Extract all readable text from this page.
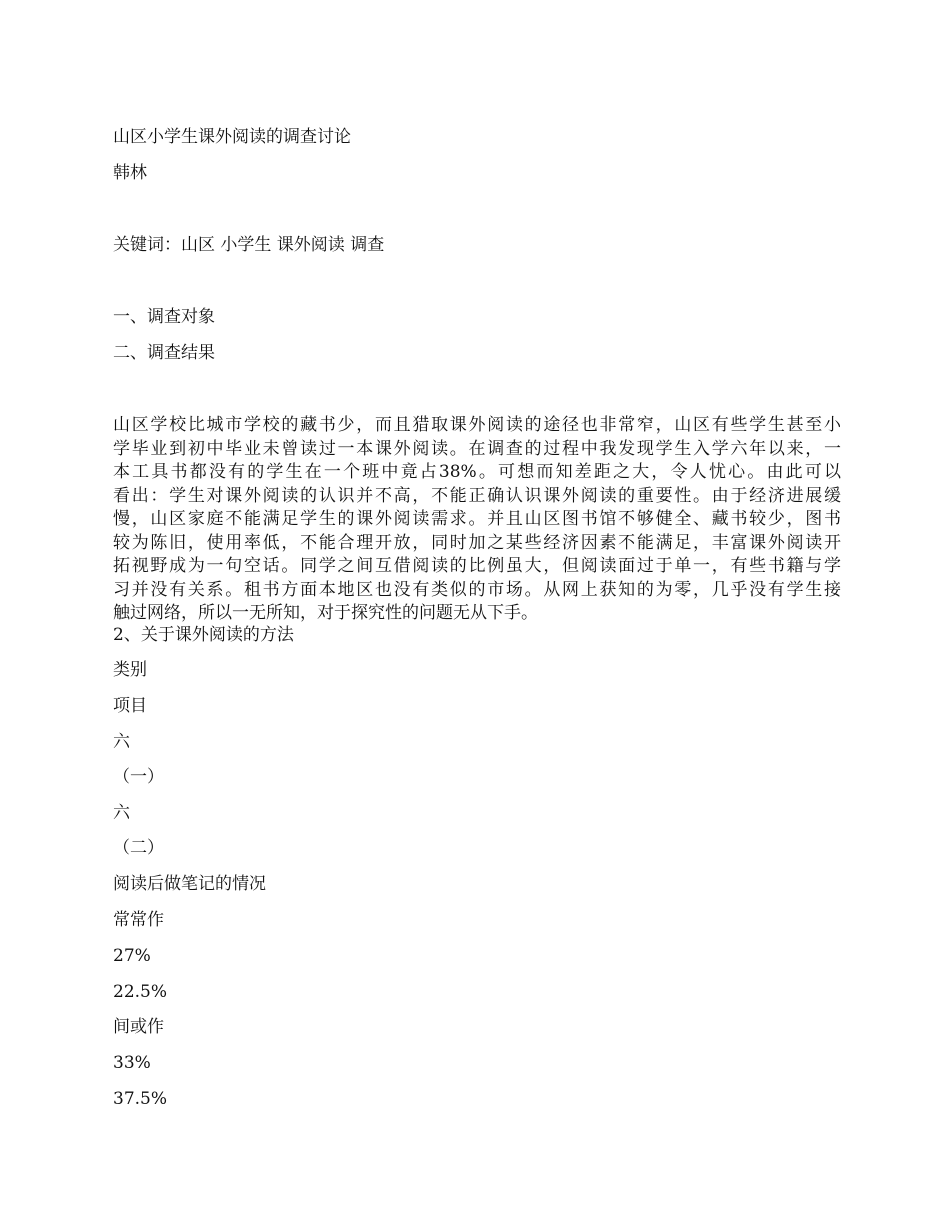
山区小学生课外阅读的调查讨论
韩林
关键词：山区 小学生 课外阅读 调查
一、调查对象
二、调查结果
山区学校比城市学校的藏书少，而且猎取课外阅读的途径也非常窄，山区有些学生甚至小
学毕业到初中毕业未曾读过一本课外阅读。在调查的过程中我发现学生入学六年以来，一
本工具书都没有的学生在一个班中竟占38%。可想而知差距之大，令人忧心。由此可以
看出：学生对课外阅读的认识并不高，不能正确认识课外阅读的重要性。由于经济进展缓
慢，山区家庭不能满足学生的课外阅读需求。并且山区图书馆不够健全、藏书较少，图书
较为陈旧，使用率低，不能合理开放，同时加之某些经济因素不能满足，丰富课外阅读开
拓视野成为一句空话。同学之间互借阅读的比例虽大，但阅读面过于单一，有些书籍与学
习并没有关系。租书方面本地区也没有类似的市场。从网上获知的为零，几乎没有学生接
触过网络，所以一无所知，对于探究性的问题无从下手。
2、关于课外阅读的方法
类别
项目
六
（一）
六
（二）
阅读后做笔记的情况
常常作
27%
22.5%
间或作
33%
37.5%
